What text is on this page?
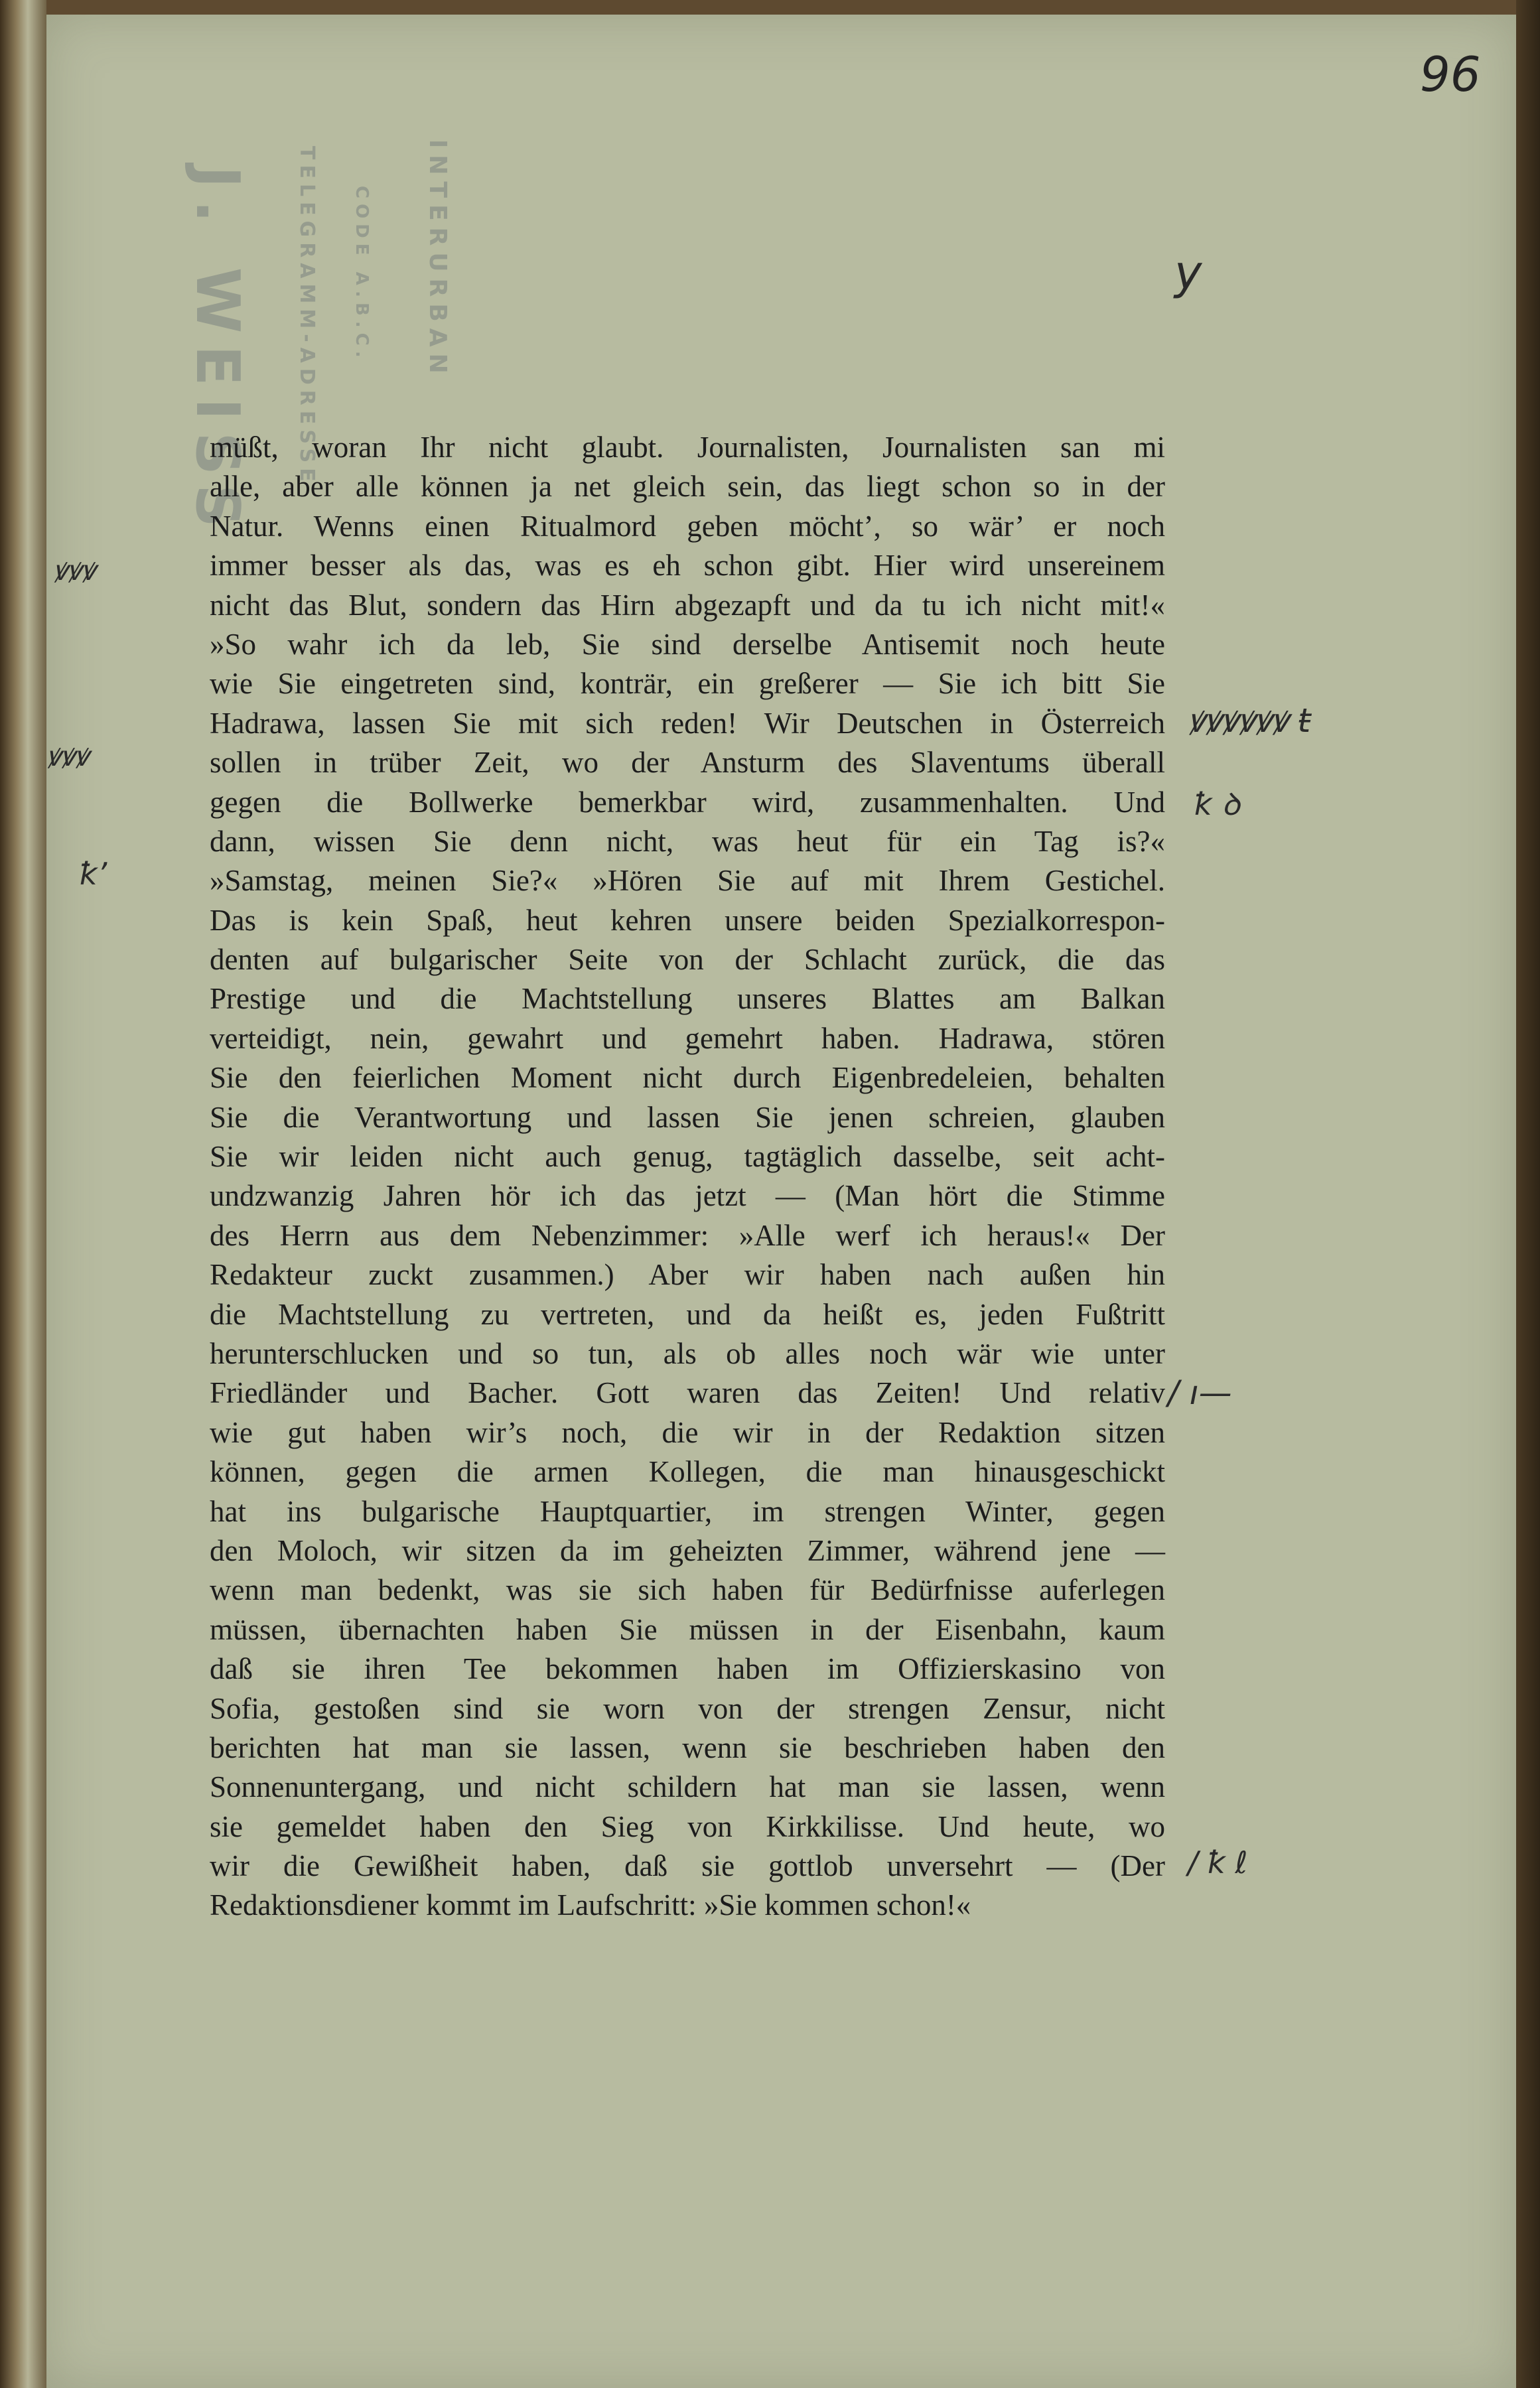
96
J. WEISS TELEGRAMM-ADRESSE	INTERURBAN
CODE A.B.C.
müßt, woran Ihr nicht glaubt. Journalisten, Journalisten san mi
alle, aber alle können ja net gleich sein, das liegt schon so in der
Natur. Wenns einen Ritualmord geben möcht’, so wär’ er noch
immer besser als das, was es eh schon gibt. Hier wird unsereinem
nicht das Blut, sondern das Hirn abgezapft und da tu ich nicht mit!«
»So wahr ich da leb, Sie sind derselbe Antisemit noch heute
wie Sie eingetreten sind, konträr, ein greßerer — Sie ich bitt Sie
Hadrawa, lassen Sie mit sich reden! Wir Deutschen in Österreich
sollen in trüber Zeit, wo der Ansturm des Slaventums überall
gegen die Bollwerke bemerkbar wird, zusammenhalten. Und
dann, wissen Sie denn nicht, was heut für ein Tag is?«
»Samstag, meinen Sie?« »Hören Sie auf mit Ihrem Gestichel.
Das is kein Spaß, heut kehren unsere beiden Spezialkorrespon-
denten auf bulgarischer Seite von der Schlacht zurück, die das
Prestige und die Machtstellung unseres Blattes am Balkan
verteidigt, nein, gewahrt und gemehrt haben. Hadrawa, stören
Sie den feierlichen Moment nicht durch Eigenbredeleien, behalten
Sie die Verantwortung und lassen Sie jenen schreien, glauben
Sie wir leiden nicht auch genug, tagtäglich dasselbe, seit acht-
undzwanzig Jahren hör ich das jetzt — (Man hört die Stimme
des Herrn aus dem Nebenzimmer: »Alle werf ich heraus!« Der
Redakteur zuckt zusammen.) Aber wir haben nach außen hin
die Machtstellung zu vertreten, und da heißt es, jeden Fußtritt
herunterschlucken und so tun, als ob alles noch wär wie unter
Friedländer und Bacher. Gott waren das Zeiten! Und relativ
wie gut haben wir’s noch, die wir in der Redaktion sitzen
können, gegen die armen Kollegen, die man hinausgeschickt
hat ins bulgarische Hauptquartier, im strengen Winter, gegen
den Moloch, wir sitzen da im geheizten Zimmer, während jene —
wenn man bedenkt, was sie sich haben für Bedürfnisse auferlegen
müssen, übernachten haben Sie müssen in der Eisenbahn, kaum
daß sie ihren Tee bekommen haben im Offizierskasino von
Sofia, gestoßen sind sie worn von der strengen Zensur, nicht
berichten hat man sie lassen, wenn sie beschrieben haben den
Sonnenuntergang, und nicht schildern hat man sie lassen, wenn
sie gemeldet haben den Sieg von Kirkkilisse. Und heute, wo
wir die Gewißheit haben, daß sie gottlob unversehrt — (Der
Redaktionsdiener kommt im Laufschritt: »Sie kommen schon!«
y
ꝟꝟꝟꝟꝟꝟ ŧ
ꝁ ꝺ
/ ı—
/ ꝁ ℓ
ꝟꝟꝟ
ꝟꝟꝟ
ꝁ’
